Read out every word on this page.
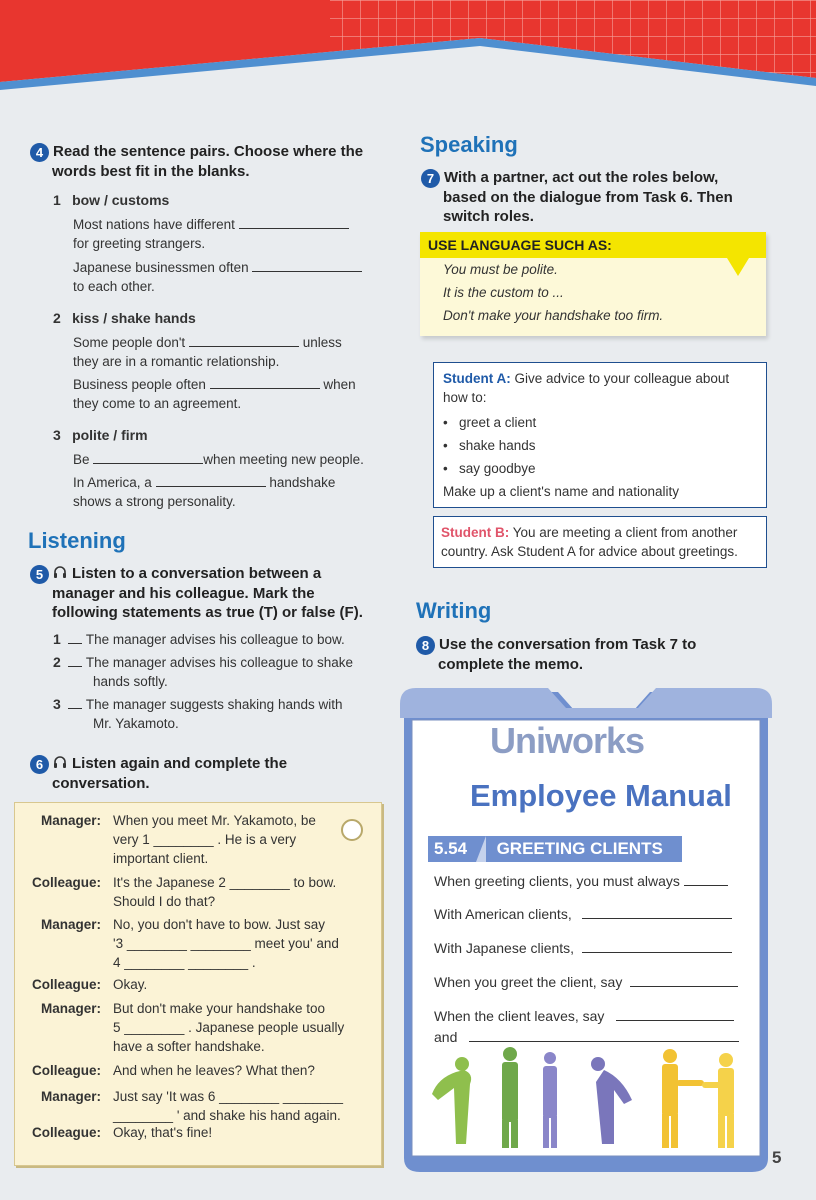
4 Read the sentence pairs. Choose where the
words best fit in the blanks.
1 bow / customs
Most nations have different
for greeting strangers.
Japanese businessmen often
to each other.
2 kiss / shake hands
Some people don't	unless
they are in a romantic relationship.
Business people often	when
they come to an agreement.
3 polite / firm
Be	when meeting new people.
In America, a	handshake
shows a strong personality.
Listening
5 Listen to a conversation between a
manager and his colleague. Mark the
following statements as true (T) or false (F).
1 The manager advises his colleague to bow.
2 The manager advises his colleague to shake
hands softly.
3 The manager suggests shaking hands with
Mr. Yakamoto.
6 Listen again and complete the
conversation.
Manager: When you meet Mr. Yakamoto, be
very 1 ________ . He is a very
important client.
Colleague: It's the Japanese 2 ________ to bow.
Should I do that?
Manager: No, you don't have to bow. Just say
'3 ________ ________ meet you' and
4 ________ ________ .
Colleague: Okay.
Manager: But don't make your handshake too
5 ________ . Japanese people usually
have a softer handshake.
Colleague: And when he leaves? What then?
Manager: Just say 'It was 6 ________ ________
________ ' and shake his hand again.
Colleague: Okay, that's fine!
Speaking
7 With a partner, act out the roles below,
based on the dialogue from Task 6. Then
switch roles.
USE LANGUAGE SUCH AS:
You must be polite.
It is the custom to ...
Don't make your handshake too firm.
Student A: Give advice to your colleague about
how to:
•   greet a client
•   shake hands
•   say goodbye
Make up a client's name and nationality
Student B: You are meeting a client from another
country. Ask Student A for advice about greetings.
Writing
8 Use the conversation from Task 7 to
complete the memo.
Uniworks
Employee Manual
5.54 GREETING CLIENTS
When greeting clients, you must always
With American clients,
With Japanese clients,
When you greet the client, say
When the client leaves, say
and
5
